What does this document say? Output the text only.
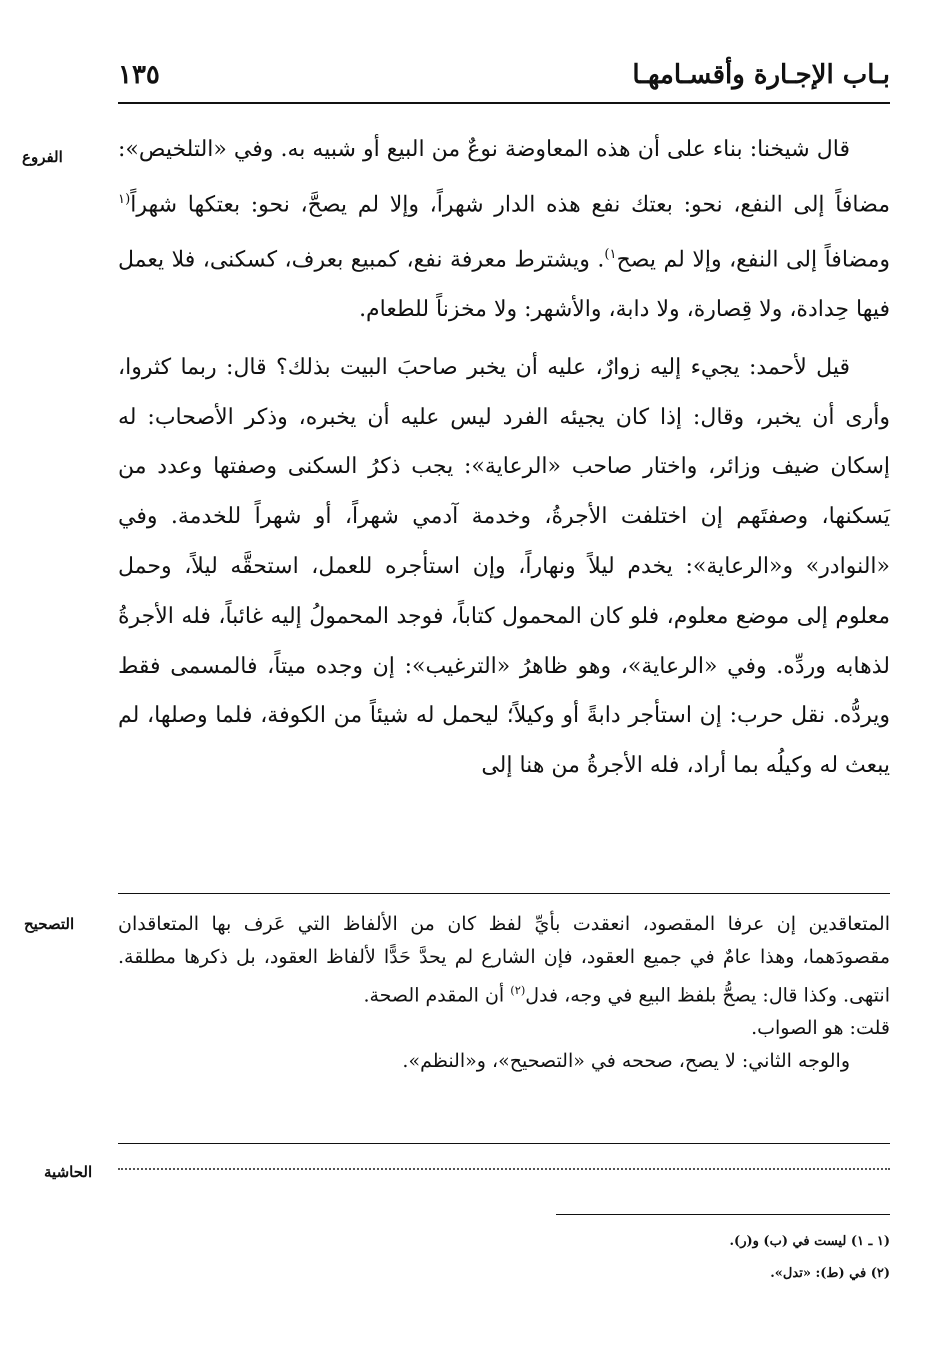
بـاب الإجـارة وأقسـامهـا
١٣٥
الفروع	قال شيخنا: بناء على أن هذه المعاوضة نوعٌ من البيع أو شبيه به. وفي «التلخيص»: مضافاً إلى النفع، نحو: بعتك نفع هذه الدار شهراً، وإلا لم يصحَّ، نحو: بعتكها شهراً$^{(١}$ ومضافاً إلى النفع، وإلا لم يصح$^{١)}$. ويشترط معرفة نفع، كمبيع بعرف، كسكنى، فلا يعمل فيها حِدادة، ولا قِصارة، ولا دابة، والأشهر: ولا مخزناً للطعام.

قيل لأحمد: يجيء إليه زوارٌ، عليه أن يخبر صاحبَ البيت بذلك؟ قال: ربما كثروا، وأرى أن يخبر، وقال: إذا كان يجيئه الفرد ليس عليه أن يخبره، وذكر الأصحاب: له إسكان ضيف وزائر، واختار صاحب «الرعاية»: يجب ذكرُ السكنى وصفتها وعدد من يَسكنها، وصفتَهم إن اختلفت الأجرةُ، وخدمة آدمي شهراً، أو شهراً للخدمة. وفي «النوادر» و«الرعاية»: يخدم ليلاً ونهاراً، وإن استأجره للعمل، استحقَّه ليلاً، وحمل معلوم إلى موضع معلوم، فلو كان المحمول كتاباً، فوجد المحمولُ إليه غائباً، فله الأجرةُ لذهابه وردِّه. وفي «الرعاية»، وهو ظاهرُ «الترغيب»: إن وجده ميتاً، فالمسمى فقط ويردُّه. نقل حرب: إن استأجر دابةً أو وكيلاً؛ ليحمل له شيئاً من الكوفة، فلما وصلها، لم يبعث له وكيلُه بما أراد، فله الأجرةُ من هنا إلى

التصحيح المتعاقدين إن عرفا المقصود، انعقدت بأيِّ لفظ كان من الألفاظ التي عَرف بها المتعاقدان مقصودَهما، وهذا عامٌ في جميع العقود، فإن الشارع لم يحدَّ حَدًّا لألفاظ العقود، بل ذكرها مطلقة. انتهى. وكذا قال: يصحُّ بلفظ البيع في وجه، فدل$^{(٢)}$ أن المقدم الصحة.

قلت: هو الصواب.

والوجه الثاني: لا يصح، صححه في «التصحيح»، و«النظم».

الحاشية
(١ ـ ١) ليست في (ب) و(ر).
(٢) في (ط): «تدل».
